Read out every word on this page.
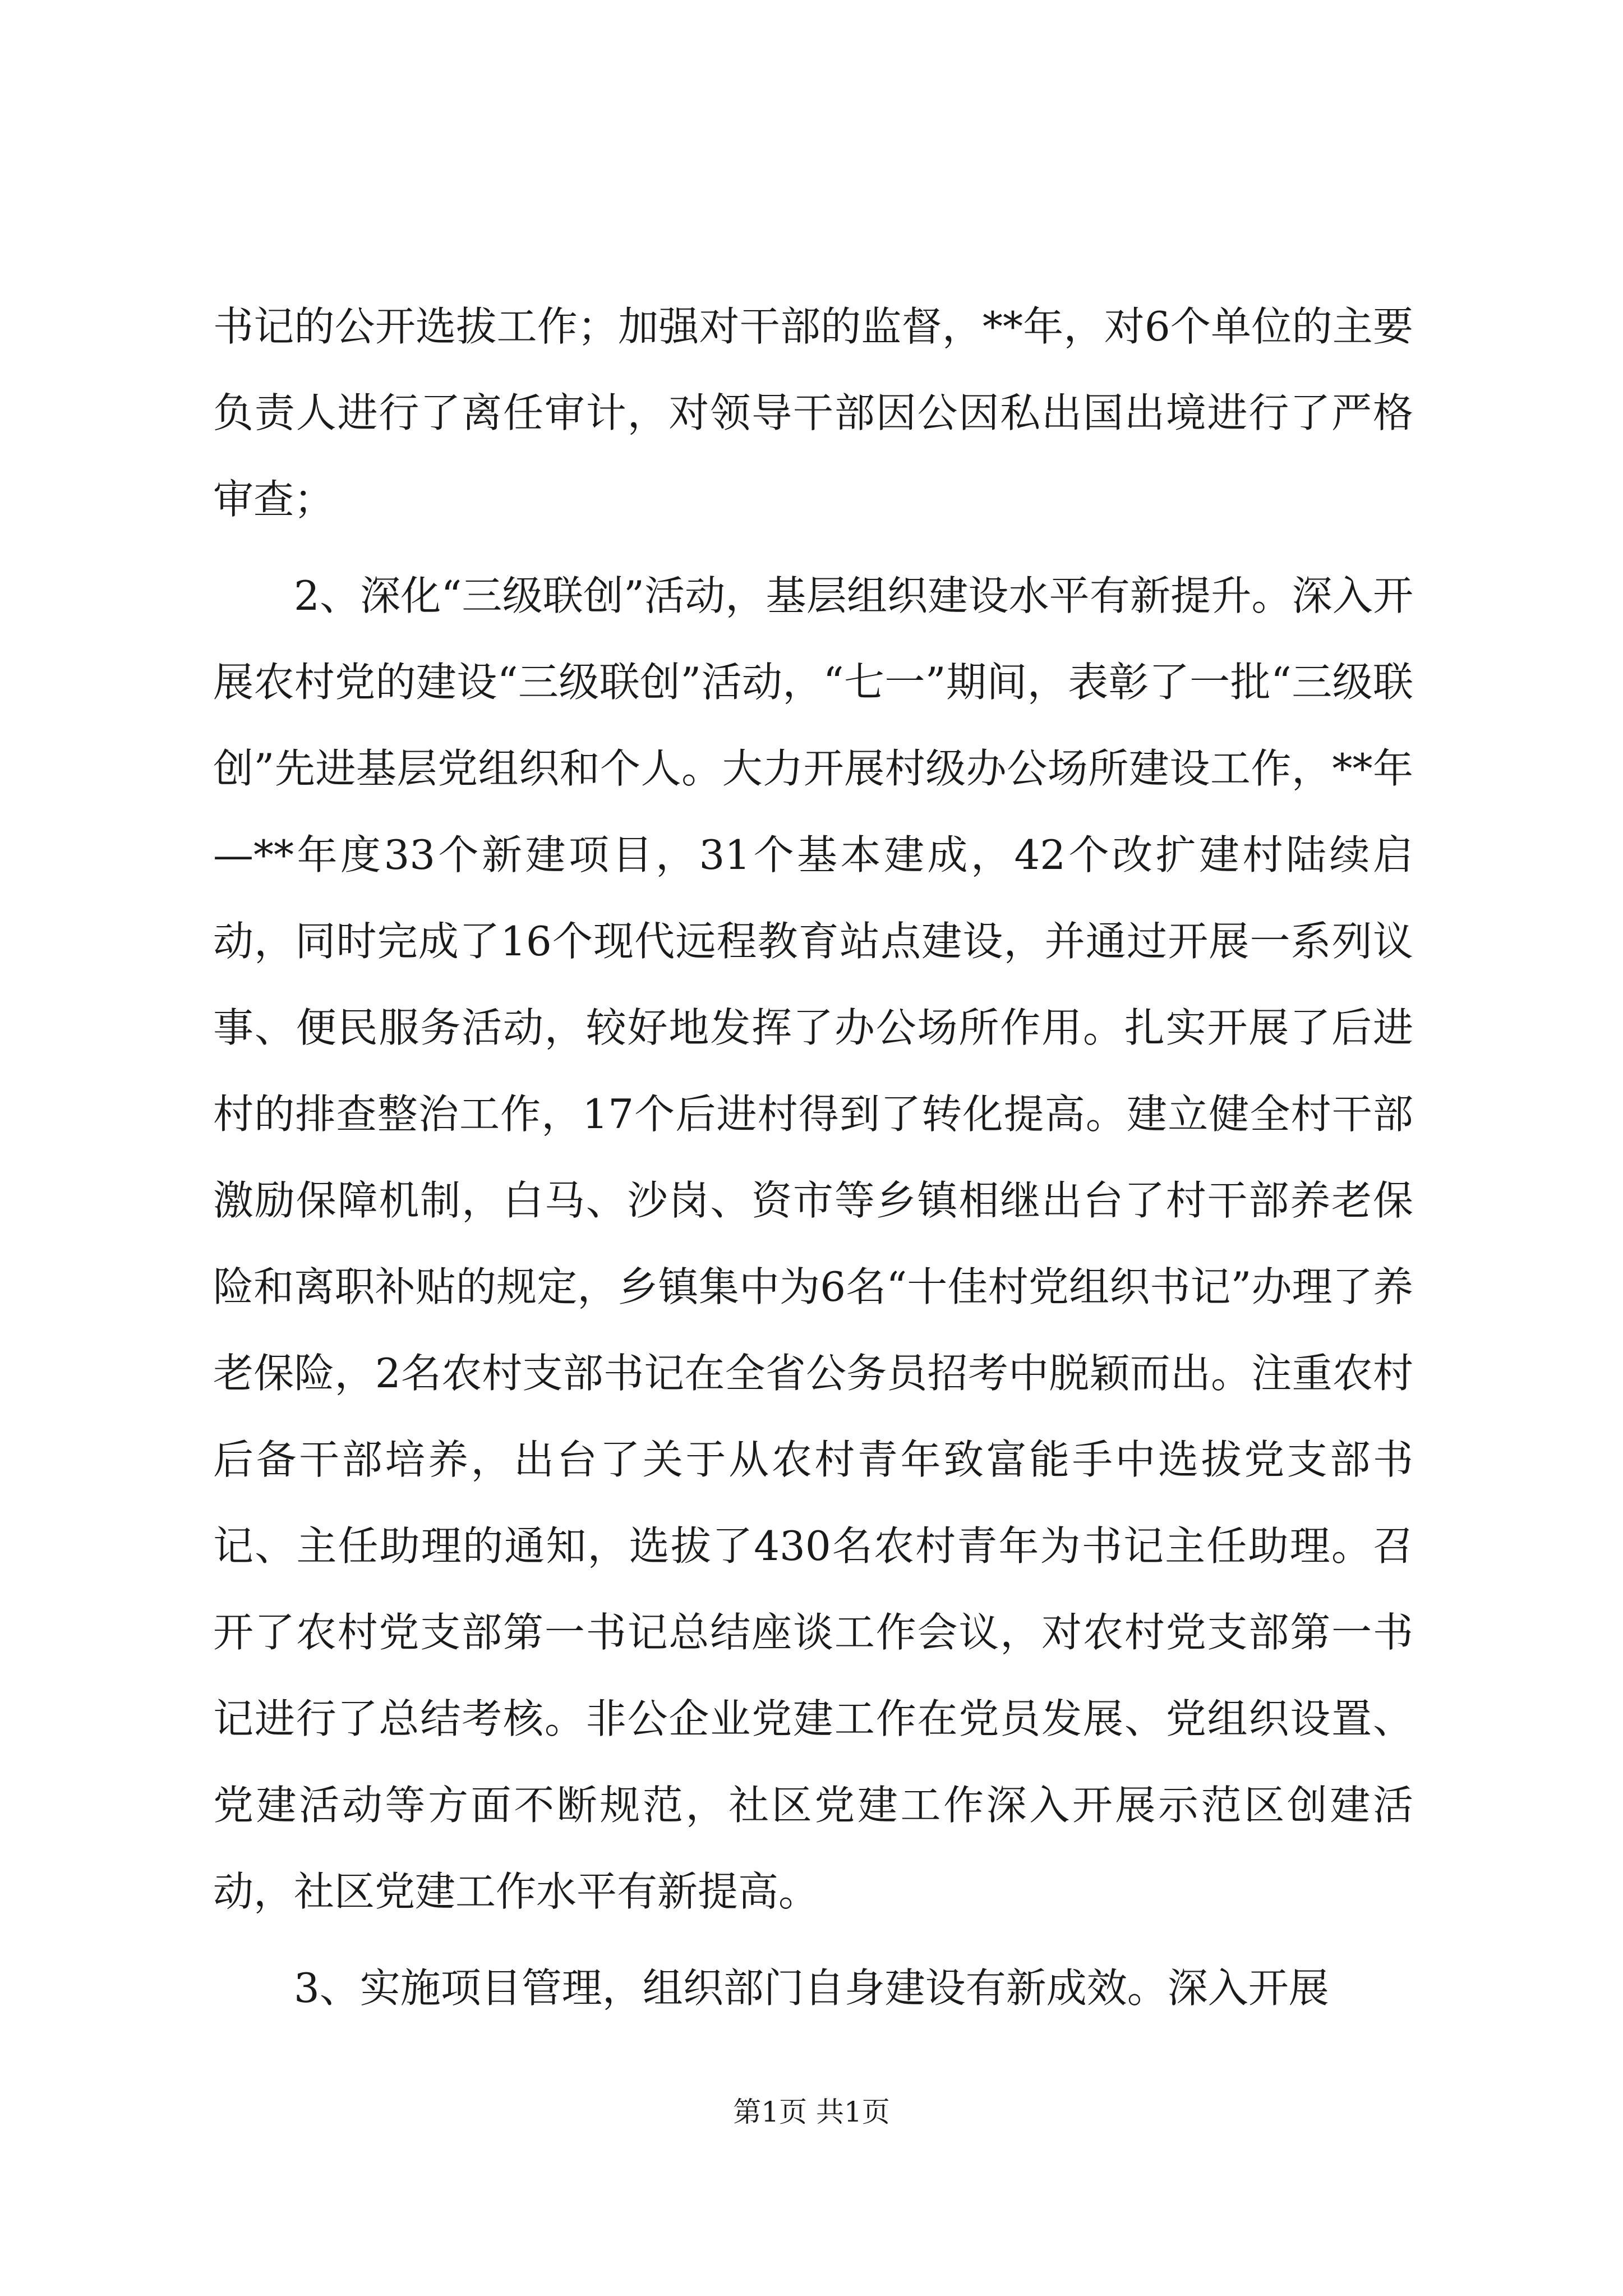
书记的公开选拔工作；加强对干部的监督，**年，对6个单位的主要负责人进行了离任审计，对领导干部因公因私出国出境进行了严格审查；

2、深化“三级联创”活动，基层组织建设水平有新提升。深入开展农村党的建设“三级联创”活动，“七一”期间，表彰了一批“三级联创”先进基层党组织和个人。大力开展村级办公场所建设工作，**年—**年度33个新建项目，31个基本建成，42个改扩建村陆续启动，同时完成了16个现代远程教育站点建设，并通过开展一系列议事、便民服务活动，较好地发挥了办公场所作用。扎实开展了后进村的排查整治工作，17个后进村得到了转化提高。建立健全村干部激励保障机制，白马、沙岗、资市等乡镇相继出台了村干部养老保险和离职补贴的规定，乡镇集中为6名“十佳村党组织书记”办理了养老保险，2名农村支部书记在全省公务员招考中脱颖而出。注重农村后备干部培养，出台了关于从农村青年致富能手中选拔党支部书记、主任助理的通知，选拔了430名农村青年为书记主任助理。召开了农村党支部第一书记总结座谈工作会议，对农村党支部第一书记进行了总结考核。非公企业党建工作在党员发展、党组织设置、党建活动等方面不断规范，社区党建工作深入开展示范区创建活动，社区党建工作水平有新提高。

3、实施项目管理，组织部门自身建设有新成效。深入开展

第1页 共1页
